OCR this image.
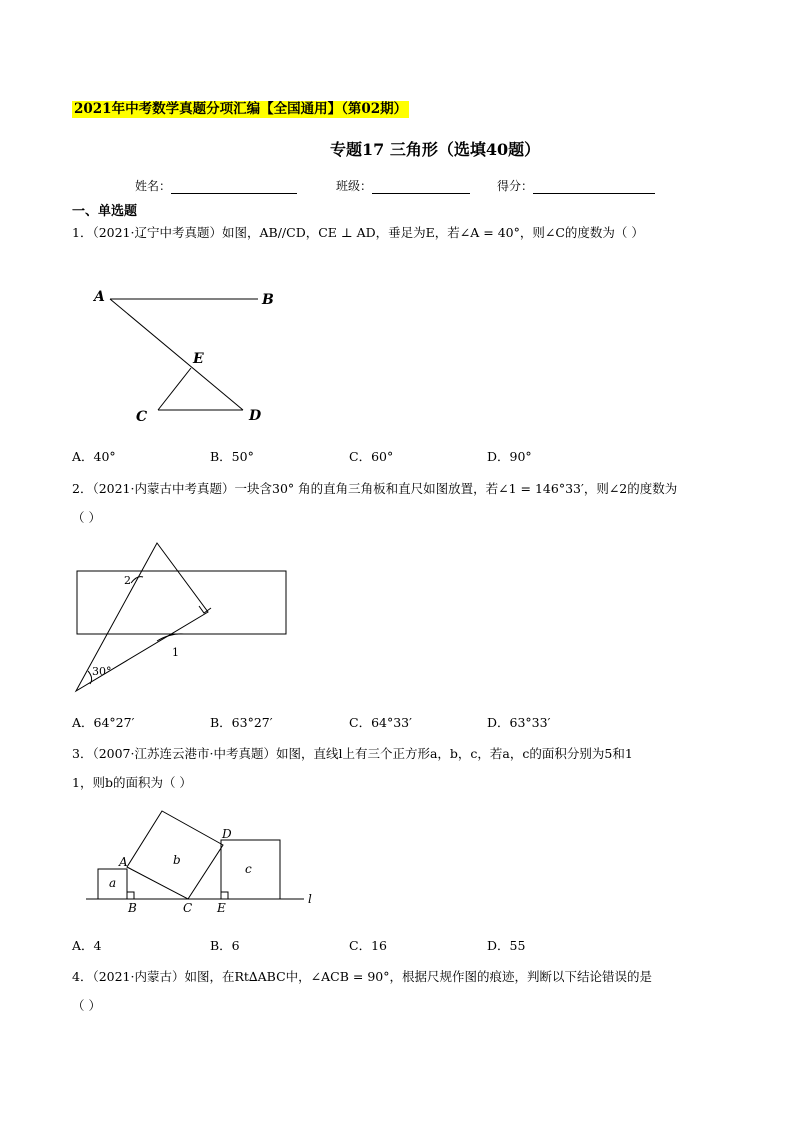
2021年中考数学真题分项汇编【全国通用】（第02期）
专题17 三角形（选填40题）
姓名：	班级：	得分：
一、单选题
1．（2021·辽宁中考真题）如图，AB//CD，CE ⊥ AD，垂足为E，若∠A = 40°，则∠C的度数为（ ）
A	B
E
C	D
A．40°	B．50°	C．60°	D．90°
2．（2021·内蒙古中考真题）一块含30° 角的直角三角板和直尺如图放置，若∠1 = 146°33′，则∠2的度数为
（ ）
2
1
30°
A．64°27′	B．63°27′	C．64°33′	D．63°33′
3．（2007·江苏连云港市·中考真题）如图，直线l上有三个正方形a，b，c，若a，c的面积分别为5和1
1，则b的面积为（ ）
a
b
c
A
B	C
D
E
l
A．4	B．6	C．16	D．55
4．（2021·内蒙古）如图，在Rt∆ABC中，∠ACB = 90°，根据尺规作图的痕迹，判断以下结论错误的是
（ ）
